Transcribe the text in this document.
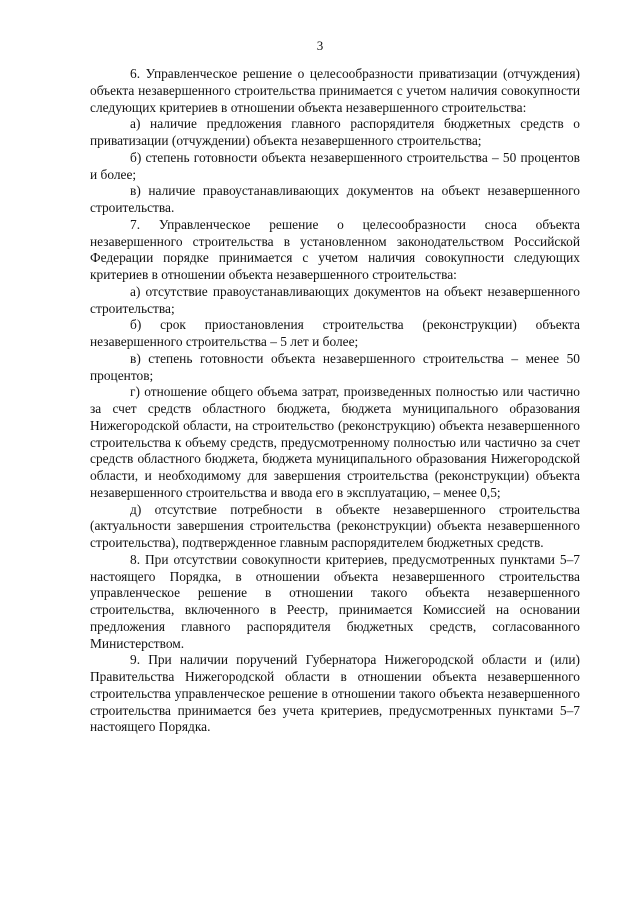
3

6. Управленческое решение о целесообразности приватизации (отчуждения) объекта незавершенного строительства принимается с учетом наличия совокупности следующих критериев в отношении объекта незавершенного строительства:

а) наличие предложения главного распорядителя бюджетных средств о приватизации (отчуждении) объекта незавершенного строительства;

б) степень готовности объекта незавершенного строительства – 50 процентов и более;

в) наличие правоустанавливающих документов на объект незавершенного строительства.

7. Управленческое решение о целесообразности сноса объекта незавершенного строительства в установленном законодательством Российской Федерации порядке принимается с учетом наличия совокупности следующих критериев в отношении объекта незавершенного строительства:

а) отсутствие правоустанавливающих документов на объект незавершенного строительства;

б) срок приостановления строительства (реконструкции) объекта незавершенного строительства – 5 лет и более;

в) степень готовности объекта незавершенного строительства – менее 50 процентов;

г) отношение общего объема затрат, произведенных полностью или частично за счет средств областного бюджета, бюджета муниципального образования Нижегородской области, на строительство (реконструкцию) объекта незавершенного строительства к объему средств, предусмотренному полностью или частично за счет средств областного бюджета, бюджета муниципального образования Нижегородской области, и необходимому для завершения строительства (реконструкции) объекта незавершенного строительства и ввода его в эксплуатацию, – менее 0,5;

д) отсутствие потребности в объекте незавершенного строительства (актуальности завершения строительства (реконструкции) объекта незавершенного строительства), подтвержденное главным распорядителем бюджетных средств.

8. При отсутствии совокупности критериев, предусмотренных пунктами 5–7 настоящего Порядка, в отношении объекта незавершенного строительства управленческое решение в отношении такого объекта незавершенного строительства, включенного в Реестр, принимается Комиссией на основании предложения главного распорядителя бюджетных средств, согласованного Министерством.

9. При наличии поручений Губернатора Нижегородской области и (или) Правительства Нижегородской области в отношении объекта незавершенного строительства управленческое решение в отношении такого объекта незавершенного строительства принимается без учета критериев, предусмотренных пунктами 5–7 настоящего Порядка.
